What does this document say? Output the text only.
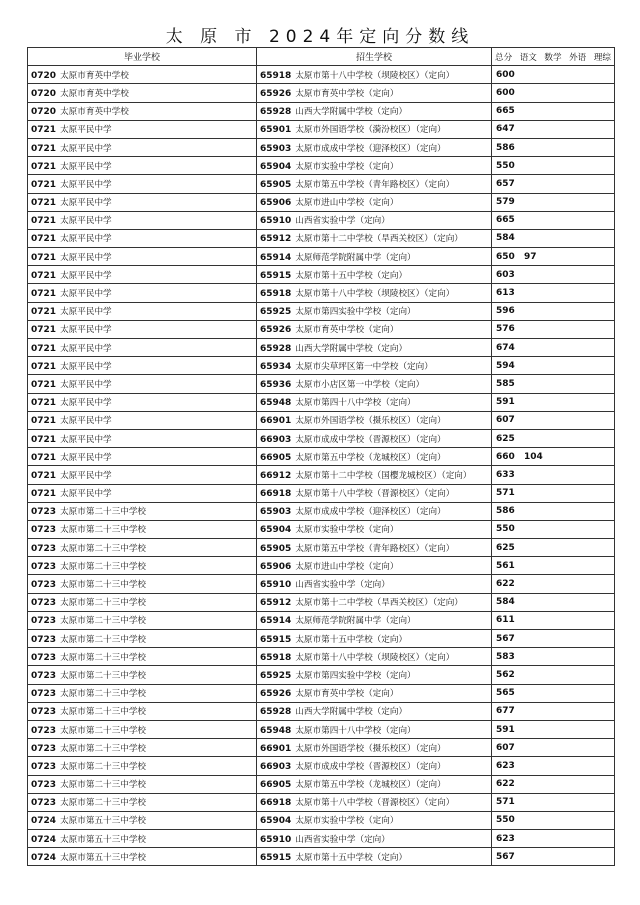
太 原 市 2024年定向分数线
毕业学校	招生学校	总分 语文 数学 外语 理综

0720 太原市育英中学校	65918 太原市第十八中学校（坝陵校区）（定向）	600
0720 太原市育英中学校	65926 太原市育英中学校（定向）	600
0720 太原市育英中学校	65928 山西大学附属中学校（定向）	665
0721 太原平民中学	65901 太原市外国语学校（漪汾校区）（定向）	647
0721 太原平民中学	65903 太原市成成中学校（迎泽校区）（定向）	586
0721 太原平民中学	65904 太原市实验中学校（定向）	550
0721 太原平民中学	65905 太原市第五中学校（青年路校区）（定向）	657
0721 太原平民中学	65906 太原市进山中学校（定向）	579
0721 太原平民中学	65910 山西省实验中学（定向）	665
0721 太原平民中学	65912 太原市第十二中学校（旱西关校区）（定向）	584
0721 太原平民中学	65914 太原师范学院附属中学（定向）	650 97
0721 太原平民中学	65915 太原市第十五中学校（定向）	603
0721 太原平民中学	65918 太原市第十八中学校（坝陵校区）（定向）	613
0721 太原平民中学	65925 太原市第四实验中学校（定向）	596
0721 太原平民中学	65926 太原市育英中学校（定向）	576
0721 太原平民中学	65928 山西大学附属中学校（定向）	674
0721 太原平民中学	65934 太原市尖草坪区第一中学校（定向）	594
0721 太原平民中学	65936 太原市小店区第一中学校（定向）	585
0721 太原平民中学	65948 太原市第四十八中学校（定向）	591
0721 太原平民中学	66901 太原市外国语学校（摄乐校区）（定向）	607
0721 太原平民中学	66903 太原市成成中学校（晋源校区）（定向）	625
0721 太原平民中学	66905 太原市第五中学校（龙城校区）（定向）	660 104
0721 太原平民中学	66912 太原市第十二中学校（国樱龙城校区）（定向）	633
0721 太原平民中学	66918 太原市第十八中学校（晋源校区）（定向）	571
0723 太原市第二十三中学校	65903 太原市成成中学校（迎泽校区）（定向）	586
0723 太原市第二十三中学校	65904 太原市实验中学校（定向）	550
0723 太原市第二十三中学校	65905 太原市第五中学校（青年路校区）（定向）	625
0723 太原市第二十三中学校	65906 太原市进山中学校（定向）	561
0723 太原市第二十三中学校	65910 山西省实验中学（定向）	622
0723 太原市第二十三中学校	65912 太原市第十二中学校（旱西关校区）（定向）	584
0723 太原市第二十三中学校	65914 太原师范学院附属中学（定向）	611
0723 太原市第二十三中学校	65915 太原市第十五中学校（定向）	567
0723 太原市第二十三中学校	65918 太原市第十八中学校（坝陵校区）（定向）	583
0723 太原市第二十三中学校	65925 太原市第四实验中学校（定向）	562
0723 太原市第二十三中学校	65926 太原市育英中学校（定向）	565
0723 太原市第二十三中学校	65928 山西大学附属中学校（定向）	677
0723 太原市第二十三中学校	65948 太原市第四十八中学校（定向）	591
0723 太原市第二十三中学校	66901 太原市外国语学校（摄乐校区）（定向）	607
0723 太原市第二十三中学校	66903 太原市成成中学校（晋源校区）（定向）	623
0723 太原市第二十三中学校	66905 太原市第五中学校（龙城校区）（定向）	622
0723 太原市第二十三中学校	66918 太原市第十八中学校（晋源校区）（定向）	571
0724 太原市第五十三中学校	65904 太原市实验中学校（定向）	550
0724 太原市第五十三中学校	65910 山西省实验中学（定向）	623
0724 太原市第五十三中学校	65915 太原市第十五中学校（定向）	567
